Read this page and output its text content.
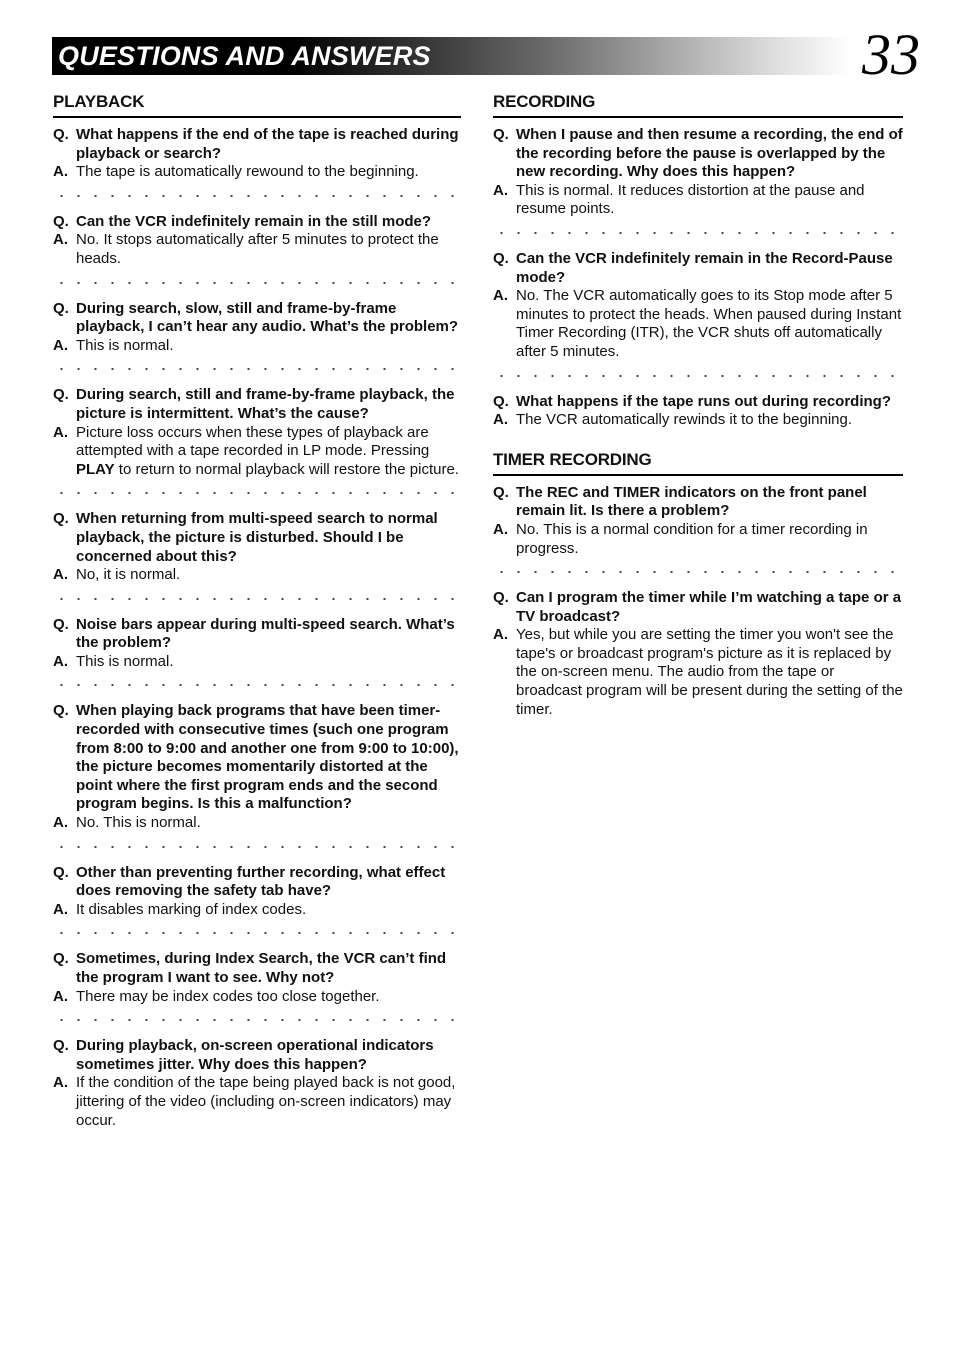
QUESTIONS AND ANSWERS	33
PLAYBACK
Q. What happens if the end of the tape is reached during playback or search?
A. The tape is automatically rewound to the beginning.
Q. Can the VCR indefinitely remain in the still mode?
A. No. It stops automatically after 5 minutes to protect the heads.
Q. During search, slow, still and frame-by-frame playback, I can’t hear any audio. What’s the problem?
A. This is normal.
Q. During search, still and frame-by-frame playback, the picture is intermittent. What’s the cause?
A. Picture loss occurs when these types of playback are attempted with a tape recorded in LP mode. Pressing PLAY to return to normal playback will restore the picture.
Q. When returning from multi-speed search to normal playback, the picture is disturbed. Should I be concerned about this?
A. No, it is normal.
Q. Noise bars appear during multi-speed search. What’s the problem?
A. This is normal.
Q. When playing back programs that have been timer-recorded with consecutive times (such one program from 8:00 to 9:00 and another one from 9:00 to 10:00), the picture becomes momentarily distorted at the point where the first program ends and the second program begins. Is this a malfunction?
A. No. This is normal.
Q. Other than preventing further recording, what effect does removing the safety tab have?
A. It disables marking of index codes.
Q. Sometimes, during Index Search, the VCR can’t find the program I want to see. Why not?
A. There may be index codes too close together.
Q. During playback, on-screen operational indicators sometimes jitter. Why does this happen?
A. If the condition of the tape being played back is not good, jittering of the video (including on-screen indicators) may occur.
RECORDING
Q. When I pause and then resume a recording, the end of the recording before the pause is overlapped by the new recording. Why does this happen?
A. This is normal. It reduces distortion at the pause and resume points.
Q. Can the VCR indefinitely remain in the Record-Pause mode?
A. No. The VCR automatically goes to its Stop mode after 5 minutes to protect the heads. When paused during Instant Timer Recording (ITR), the VCR shuts off automatically after 5 minutes.
Q. What happens if the tape runs out during recording?
A. The VCR automatically rewinds it to the beginning.
TIMER RECORDING
Q. The REC and TIMER indicators on the front panel remain lit. Is there a problem?
A. No. This is a normal condition for a timer recording in progress.
Q. Can I program the timer while I’m watching a tape or a TV broadcast?
A. Yes, but while you are setting the timer you won't see the tape's or broadcast program's picture as it is replaced by the on-screen menu. The audio from the tape or broadcast program will be present during the setting of the timer.
